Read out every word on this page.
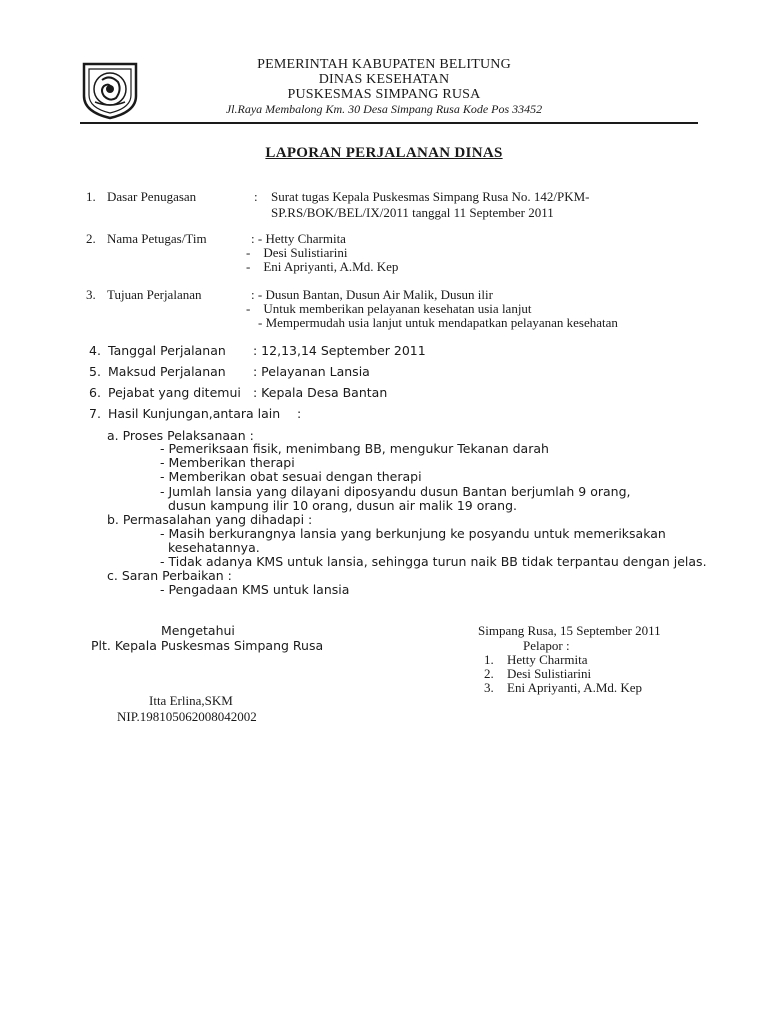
PEMERINTAH KABUPATEN BELITUNG
DINAS KESEHATAN
PUSKESMAS SIMPANG RUSA
Jl.Raya Membalong Km. 30 Desa Simpang Rusa Kode Pos 33452
LAPORAN PERJALANAN DINAS
1. Dasar Penugasan	: Surat tugas Kepala Puskesmas Simpang Rusa No. 142/PKM-
SP.RS/BOK/BEL/IX/2011 tanggal 11 September 2011
2. Nama Petugas/Tim	: - Hetty Charmita
-    Desi Sulistiarini
-    Eni Apriyanti, A.Md. Kep
3. Tujuan Perjalanan	: - Dusun Bantan, Dusun Air Malik, Dusun ilir
-    Untuk memberikan pelayanan kesehatan usia lanjut
- Mempermudah usia lanjut untuk mendapatkan pelayanan kesehatan
4. Tanggal Perjalanan : 12,13,14 September 2011
5. Maksud Perjalanan : Pelayanan Lansia
6. Pejabat yang ditemui : Kepala Desa Bantan
7. Hasil Kunjungan,antara lain :
a. Proses Pelaksanaan :
- Pemeriksaan fisik, menimbang BB, mengukur Tekanan darah
- Memberikan therapi
- Memberikan obat sesuai dengan therapi
- Jumlah lansia yang dilayani diposyandu dusun Bantan berjumlah 9 orang,
dusun kampung ilir 10 orang, dusun air malik 19 orang.
b. Permasalahan yang dihadapi :
- Masih berkurangnya lansia yang berkunjung ke posyandu untuk memeriksakan
kesehatannya.
- Tidak adanya KMS untuk lansia, sehingga turun naik BB tidak terpantau dengan jelas.
c. Saran Perbaikan :
- Pengadaan KMS untuk lansia
Mengetahui
Plt. Kepala Puskesmas Simpang Rusa
Itta Erlina,SKM
NIP.198105062008042002
Simpang Rusa, 15 September 2011
Pelapor :
1. Hetty Charmita
2. Desi Sulistiarini
3. Eni Apriyanti, A.Md. Kep
